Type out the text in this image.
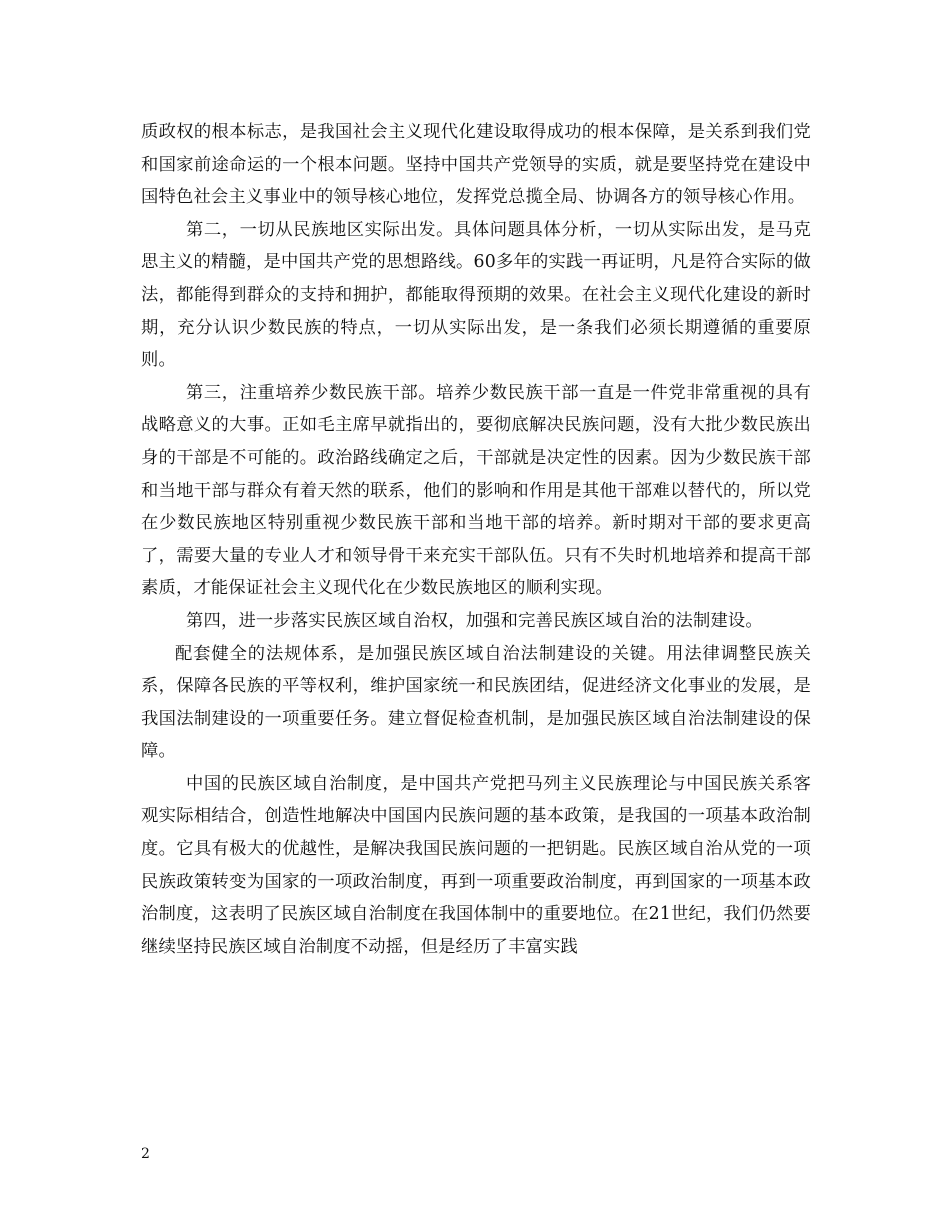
质政权的根本标志，是我国社会主义现代化建设取得成功的根本保障，是关系到我们党和国家前途命运的一个根本问题。坚持中国共产党领导的实质，就是要坚持党在建设中国特色社会主义事业中的领导核心地位，发挥党总揽全局、协调各方的领导核心作用。

第二，一切从民族地区实际出发。具体问题具体分析，一切从实际出发，是马克思主义的精髓，是中国共产党的思想路线。60多年的实践一再证明，凡是符合实际的做法，都能得到群众的支持和拥护，都能取得预期的效果。在社会主义现代化建设的新时期，充分认识少数民族的特点，一切从实际出发，是一条我们必须长期遵循的重要原则。

第三，注重培养少数民族干部。培养少数民族干部一直是一件党非常重视的具有战略意义的大事。正如毛主席早就指出的，要彻底解决民族问题，没有大批少数民族出身的干部是不可能的。政治路线确定之后，干部就是决定性的因素。因为少数民族干部和当地干部与群众有着天然的联系，他们的影响和作用是其他干部难以替代的，所以党在少数民族地区特别重视少数民族干部和当地干部的培养。新时期对干部的要求更高了，需要大量的专业人才和领导骨干来充实干部队伍。只有不失时机地培养和提高干部素质，才能保证社会主义现代化在少数民族地区的顺利实现。

第四，进一步落实民族区域自治权，加强和完善民族区域自治的法制建设。

配套健全的法规体系，是加强民族区域自治法制建设的关键。用法律调整民族关系，保障各民族的平等权利，维护国家统一和民族团结，促进经济文化事业的发展，是我国法制建设的一项重要任务。建立督促检查机制，是加强民族区域自治法制建设的保障。

中国的民族区域自治制度，是中国共产党把马列主义民族理论与中国民族关系客观实际相结合，创造性地解决中国国内民族问题的基本政策，是我国的一项基本政治制度。它具有极大的优越性，是解决我国民族问题的一把钥匙。民族区域自治从党的一项民族政策转变为国家的一项政治制度，再到一项重要政治制度，再到国家的一项基本政治制度，这表明了民族区域自治制度在我国体制中的重要地位。在21世纪，我们仍然要继续坚持民族区域自治制度不动摇，但是经历了丰富实践

2
